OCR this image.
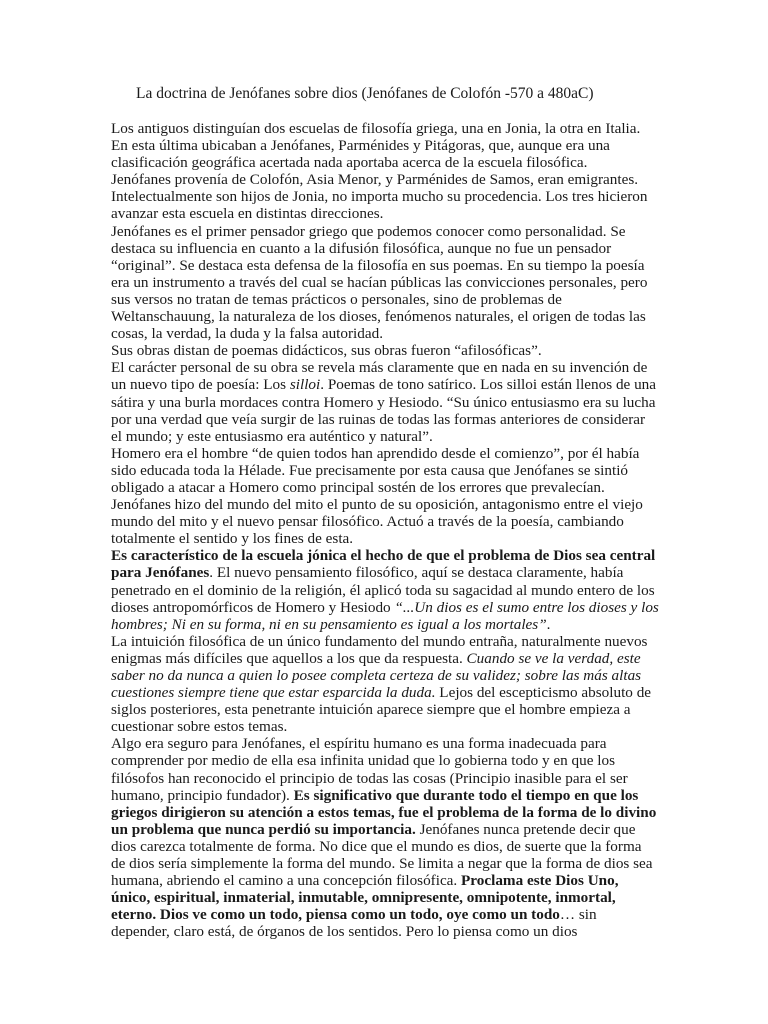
La doctrina de Jenófanes sobre dios (Jenófanes de Colofón -570 a 480aC)

Los antiguos distinguían dos escuelas de filosofía griega, una en Jonia, la otra en Italia. En esta última ubicaban a Jenófanes, Parménides y Pitágoras, que, aunque era una clasificación geográfica acertada nada aportaba acerca de la escuela filosófica.

Jenófanes provenía de Colofón, Asia Menor, y Parménides de Samos, eran emigrantes. Intelectualmente son hijos de Jonia, no importa mucho su procedencia. Los tres hicieron avanzar esta escuela en distintas direcciones.

Jenófanes es el primer pensador griego que podemos conocer como personalidad. Se destaca su influencia en cuanto a la difusión filosófica, aunque no fue un pensador “original”. Se destaca esta defensa de la filosofía en sus poemas. En su tiempo la poesía era un instrumento a través del cual se hacían públicas las convicciones personales, pero sus versos no tratan de temas prácticos o personales, sino de problemas de Weltanschauung, la naturaleza de los dioses, fenómenos naturales, el origen de todas las cosas, la verdad, la duda y la falsa autoridad.

Sus obras distan de poemas didácticos, sus obras fueron “afilosóficas”.

El carácter personal de su obra se revela más claramente que en nada en su invención de un nuevo tipo de poesía: Los silloi. Poemas de tono satírico. Los silloi están llenos de una sátira y una burla mordaces contra Homero y Hesiodo. “Su único entusiasmo era su lucha por una verdad que veía surgir de las ruinas de todas las formas anteriores de considerar el mundo; y este entusiasmo era auténtico y natural”.

Homero era el hombre “de quien todos han aprendido desde el comienzo”, por él había sido educada toda la Hélade. Fue precisamente por esta causa que Jenófanes se sintió obligado a atacar a Homero como principal sostén de los errores que prevalecían. Jenófanes hizo del mundo del mito el punto de su oposición, antagonismo entre el viejo mundo del mito y el nuevo pensar filosófico. Actuó a través de la poesía, cambiando totalmente el sentido y los fines de esta.

Es característico de la escuela jónica el hecho de que el problema de Dios sea central para Jenófanes. El nuevo pensamiento filosófico, aquí se destaca claramente, había penetrado en el dominio de la religión, él aplicó toda su sagacidad al mundo entero de los dioses antropomórficos de Homero y Hesiodo “...Un dios es el sumo entre los dioses y los hombres; Ni en su forma, ni en su pensamiento es igual a los mortales”.

La intuición filosófica de un único fundamento del mundo entraña, naturalmente nuevos enigmas más difíciles que aquellos a los que da respuesta. Cuando se ve la verdad, este saber no da nunca a quien lo posee completa certeza de su validez; sobre las más altas cuestiones siempre tiene que estar esparcida la duda. Lejos del escepticismo absoluto de siglos posteriores, esta penetrante intuición aparece siempre que el hombre empieza a cuestionar sobre estos temas.

Algo era seguro para Jenófanes, el espíritu humano es una forma inadecuada para comprender por medio de ella esa infinita unidad que lo gobierna todo y en que los filósofos han reconocido el principio de todas las cosas (Principio inasible para el ser humano, principio fundador). Es significativo que durante todo el tiempo en que los griegos dirigieron su atención a estos temas, fue el problema de la forma de lo divino un problema que nunca perdió su importancia. Jenófanes nunca pretende decir que dios carezca totalmente de forma. No dice que el mundo es dios, de suerte que la forma de dios sería simplemente la forma del mundo. Se limita a negar que la forma de dios sea humana, abriendo el camino a una concepción filosófica. Proclama este Dios Uno, único, espiritual, inmaterial, inmutable, omnipresente, omnipotente, inmortal, eterno. Dios ve como un todo, piensa como un todo, oye como un todo… sin depender, claro está, de órganos de los sentidos. Pero lo piensa como un dios
